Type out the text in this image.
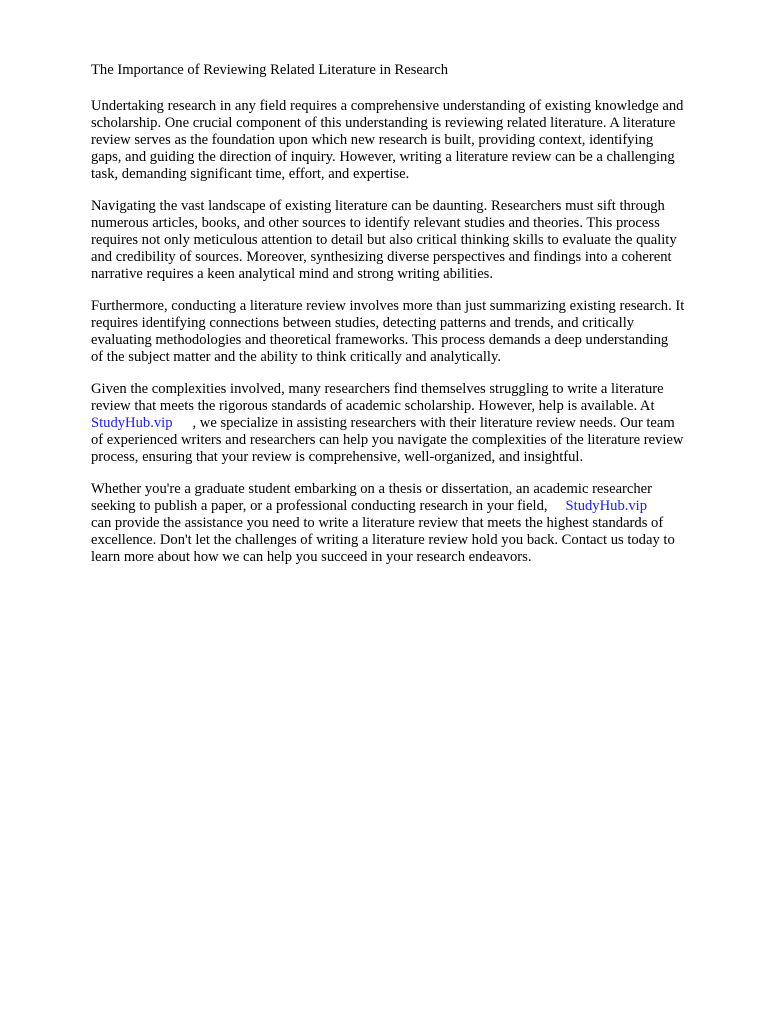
The Importance of Reviewing Related Literature in Research

Undertaking research in any field requires a comprehensive understanding of existing knowledge and
scholarship. One crucial component of this understanding is reviewing related literature. A literature
review serves as the foundation upon which new research is built, providing context, identifying
gaps, and guiding the direction of inquiry. However, writing a literature review can be a challenging
task, demanding significant time, effort, and expertise.

Navigating the vast landscape of existing literature can be daunting. Researchers must sift through
numerous articles, books, and other sources to identify relevant studies and theories. This process
requires not only meticulous attention to detail but also critical thinking skills to evaluate the quality
and credibility of sources. Moreover, synthesizing diverse perspectives and findings into a coherent
narrative requires a keen analytical mind and strong writing abilities.

Furthermore, conducting a literature review involves more than just summarizing existing research. It
requires identifying connections between studies, detecting patterns and trends, and critically
evaluating methodologies and theoretical frameworks. This process demands a deep understanding
of the subject matter and the ability to think critically and analytically.

Given the complexities involved, many researchers find themselves struggling to write a literature
review that meets the rigorous standards of academic scholarship. However, help is available. At
StudyHub.vip , we specialize in assisting researchers with their literature review needs. Our team
of experienced writers and researchers can help you navigate the complexities of the literature review
process, ensuring that your review is comprehensive, well-organized, and insightful.

Whether you're a graduate student embarking on a thesis or dissertation, an academic researcher
seeking to publish a paper, or a professional conducting research in your field, StudyHub.vip
can provide the assistance you need to write a literature review that meets the highest standards of
excellence. Don't let the challenges of writing a literature review hold you back. Contact us today to
learn more about how we can help you succeed in your research endeavors.
